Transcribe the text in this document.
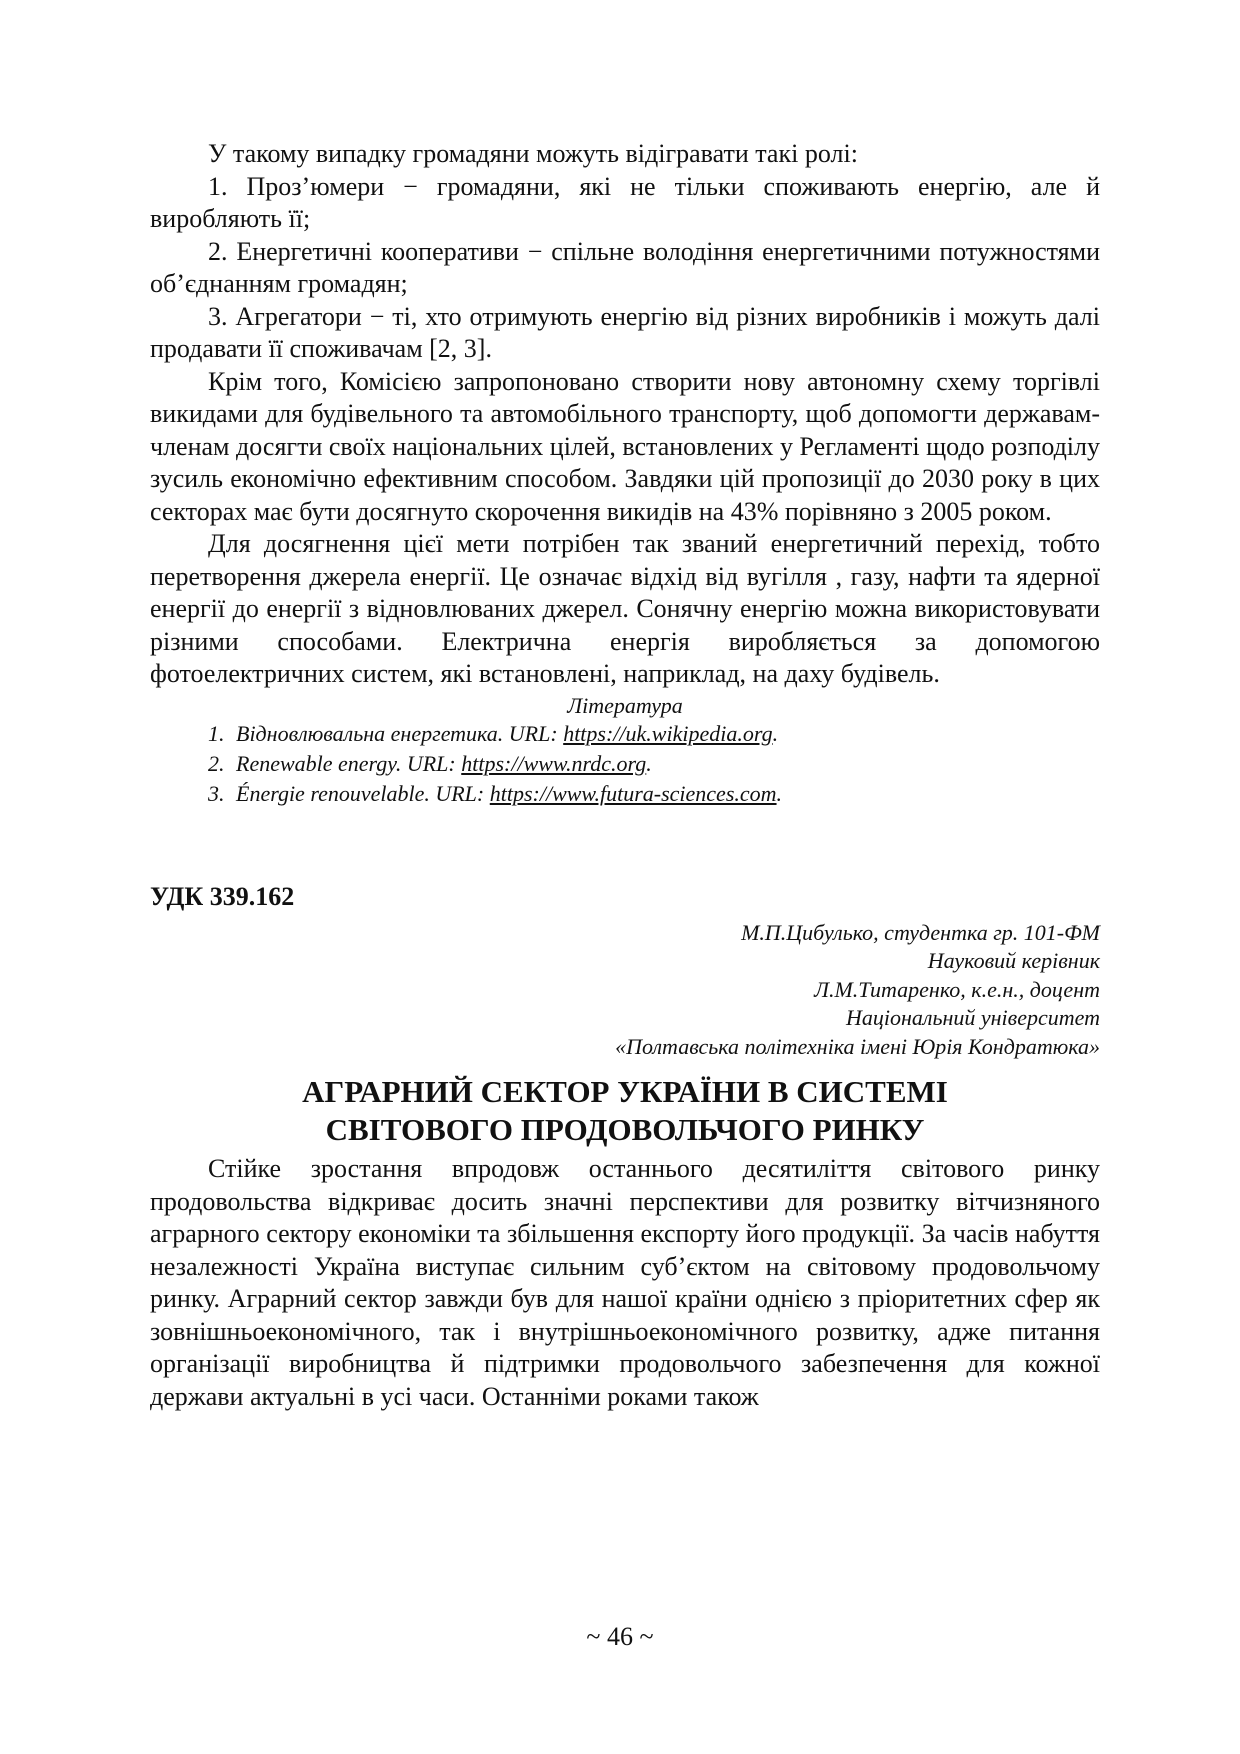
У такому випадку громадяни можуть відігравати такі ролі:

1. Проз’юмери − громадяни, які не тільки споживають енергію, але й виробляють її;

2. Енергетичні кооперативи − спільне володіння енергетичними потужностями об’єднанням громадян;

3. Агрегатори − ті, хто отримують енергію від різних виробників і можуть далі продавати її споживачам [2, 3].

Крім того, Комісією запропоновано створити нову автономну схему торгівлі викидами для будівельного та автомобільного транспорту, щоб допомогти державам-членам досягти своїх національних цілей, встановлених у Регламенті щодо розподілу зусиль економічно ефективним способом. Завдяки цій пропозиції до 2030 року в цих секторах має бути досягнуто скорочення викидів на 43% порівняно з 2005 роком.

Для досягнення цієї мети потрібен так званий енергетичний перехід, тобто перетворення джерела енергії. Це означає відхід від вугілля , газу, нафти та ядерної енергії до енергії з відновлюваних джерел. Сонячну енергію можна використовувати різними способами. Електрична енергія виробляється за допомогою фотоелектричних систем, які встановлені, наприклад, на даху будівель.

Література
1. Відновлювальна енергетика. URL: https://uk.wikipedia.org.
2. Renewable energy. URL: https://www.nrdc.org.
3. Énergie renouvelable. URL: https://www.futura-sciences.com.
УДК 339.162
М.П.Цибулько, студентка гр. 101-ФМ
Науковий керівник
Л.М.Титаренко, к.е.н., доцент
Національний університет
«Полтавська політехніка імені Юрія Кондратюка»
АГРАРНИЙ СЕКТОР УКРАЇНИ В СИСТЕМІ
СВІТОВОГО ПРОДОВОЛЬЧОГО РИНКУ

Стійке зростання впродовж останнього десятиліття світового ринку продовольства відкриває досить значні перспективи для розвитку вітчизняного аграрного сектору економіки та збільшення експорту його продукції. За часів набуття незалежності Україна виступає сильним суб’єктом на світовому продовольчому ринку. Аграрний сектор завжди був для нашої країни однією з пріоритетних сфер як зовнішньоекономічного, так і внутрішньоекономічного розвитку, адже питання організації виробництва й підтримки продовольчого забезпечення для кожної держави актуальні в усі часи. Останніми роками також

~ 46 ~
